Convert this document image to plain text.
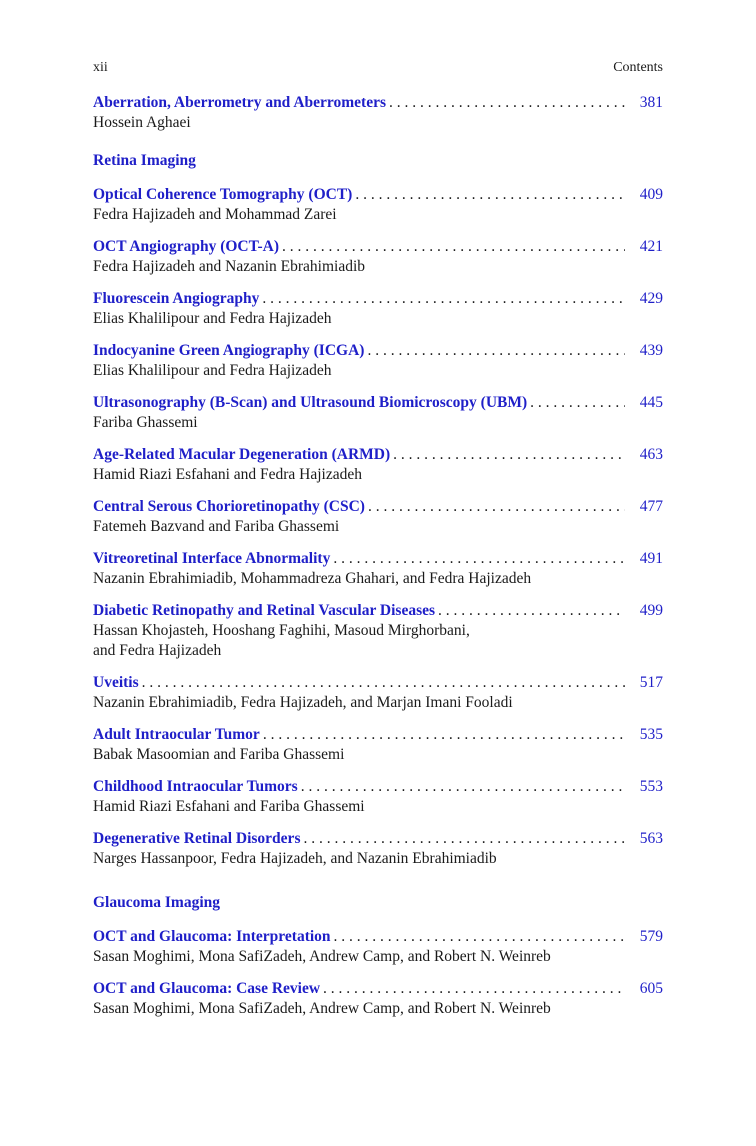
xii	Contents
Aberration, Aberrometry and Aberrometers . . .	381
Hossein Aghaei
Retina Imaging
Optical Coherence Tomography (OCT) . . .	409
Fedra Hajizadeh and Mohammad Zarei
OCT Angiography (OCT-A) . . .	421
Fedra Hajizadeh and Nazanin Ebrahimiadib
Fluorescein Angiography . . .	429
Elias Khalilipour and Fedra Hajizadeh
Indocyanine Green Angiography (ICGA) . . .	439
Elias Khalilipour and Fedra Hajizadeh
Ultrasonography (B-Scan) and Ultrasound Biomicroscopy (UBM) . . .	445
Fariba Ghassemi
Age-Related Macular Degeneration (ARMD) . . .	463
Hamid Riazi Esfahani and Fedra Hajizadeh
Central Serous Chorioretinopathy (CSC) . . .	477
Fatemeh Bazvand and Fariba Ghassemi
Vitreoretinal Interface Abnormality . . .	491
Nazanin Ebrahimiadib, Mohammadreza Ghahari, and Fedra Hajizadeh
Diabetic Retinopathy and Retinal Vascular Diseases . . .	499
Hassan Khojasteh, Hooshang Faghihi, Masoud Mirghorbani,
and Fedra Hajizadeh
Uveitis . . .	517
Nazanin Ebrahimiadib, Fedra Hajizadeh, and Marjan Imani Fooladi
Adult Intraocular Tumor . . .	535
Babak Masoomian and Fariba Ghassemi
Childhood Intraocular Tumors . . .	553
Hamid Riazi Esfahani and Fariba Ghassemi
Degenerative Retinal Disorders . . .	563
Narges Hassanpoor, Fedra Hajizadeh, and Nazanin Ebrahimiadib
Glaucoma Imaging
OCT and Glaucoma: Interpretation . . .	579
Sasan Moghimi, Mona SafiZadeh, Andrew Camp, and Robert N. Weinreb
OCT and Glaucoma: Case Review . . .	605
Sasan Moghimi, Mona SafiZadeh, Andrew Camp, and Robert N. Weinreb
